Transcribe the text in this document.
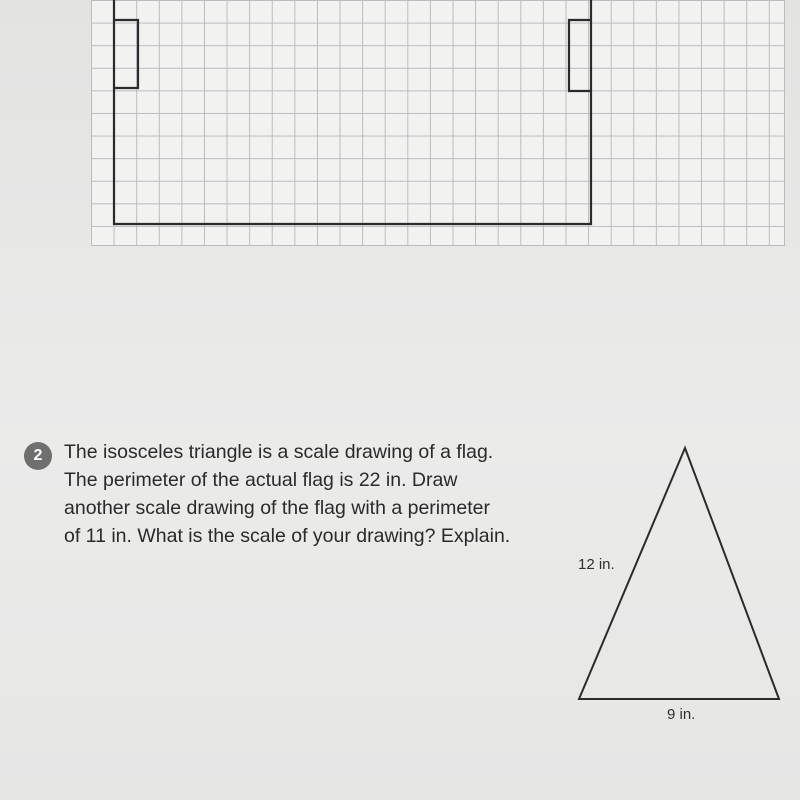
2	The isosceles triangle is a scale drawing of a flag.
The perimeter of the actual flag is 22 in. Draw
another scale drawing of the flag with a perimeter
of 11 in. What is the scale of your drawing? Explain.
12 in.
9 in.
